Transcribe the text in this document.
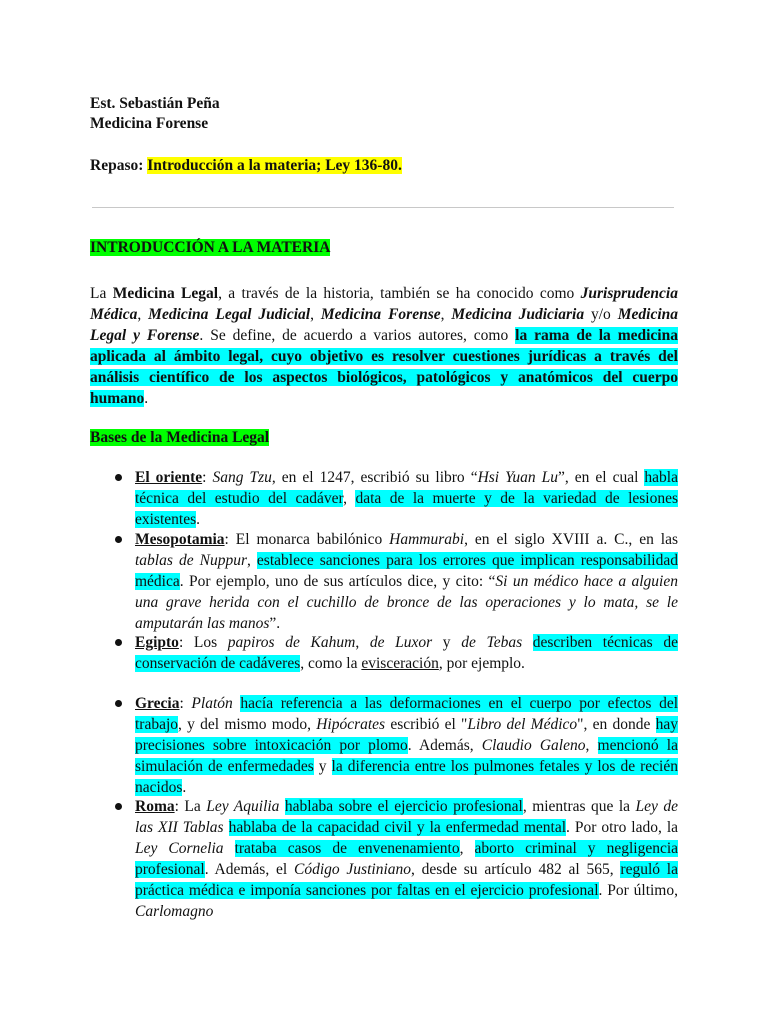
Est. Sebastián Peña
Medicina Forense
Repaso: Introducción a la materia; Ley 136-80.
INTRODUCCIÓN A LA MATERIA
La Medicina Legal, a través de la historia, también se ha conocido como Jurisprudencia Médica, Medicina Legal Judicial, Medicina Forense, Medicina Judiciaria y/o Medicina Legal y Forense. Se define, de acuerdo a varios autores, como la rama de la medicina aplicada al ámbito legal, cuyo objetivo es resolver cuestiones jurídicas a través del análisis científico de los aspectos biológicos, patológicos y anatómicos del cuerpo humano.
Bases de la Medicina Legal
El oriente: Sang Tzu, en el 1247, escribió su libro “Hsi Yuan Lu”, en el cual habla técnica del estudio del cadáver, data de la muerte y de la variedad de lesiones existentes.
Mesopotamia: El monarca babilónico Hammurabi, en el siglo XVIII a. C., en las tablas de Nuppur, establece sanciones para los errores que implican responsabilidad médica. Por ejemplo, uno de sus artículos dice, y cito: “Si un médico hace a alguien una grave herida con el cuchillo de bronce de las operaciones y lo mata, se le amputarán las manos”.
Egipto: Los papiros de Kahum, de Luxor y de Tebas describen técnicas de conservación de cadáveres, como la evisceración, por ejemplo.
Grecia: Platón hacía referencia a las deformaciones en el cuerpo por efectos del trabajo, y del mismo modo, Hipócrates escribió el "Libro del Médico", en donde hay precisiones sobre intoxicación por plomo. Además, Claudio Galeno, mencionó la simulación de enfermedades y la diferencia entre los pulmones fetales y los de recién nacidos.
Roma: La Ley Aquilia hablaba sobre el ejercicio profesional, mientras que la Ley de las XII Tablas hablaba de la capacidad civil y la enfermedad mental. Por otro lado, la Ley Cornelia trataba casos de envenenamiento, aborto criminal y negligencia profesional. Además, el Código Justiniano, desde su artículo 482 al 565, reguló la práctica médica e imponía sanciones por faltas en el ejercicio profesional. Por último, Carlomagno
